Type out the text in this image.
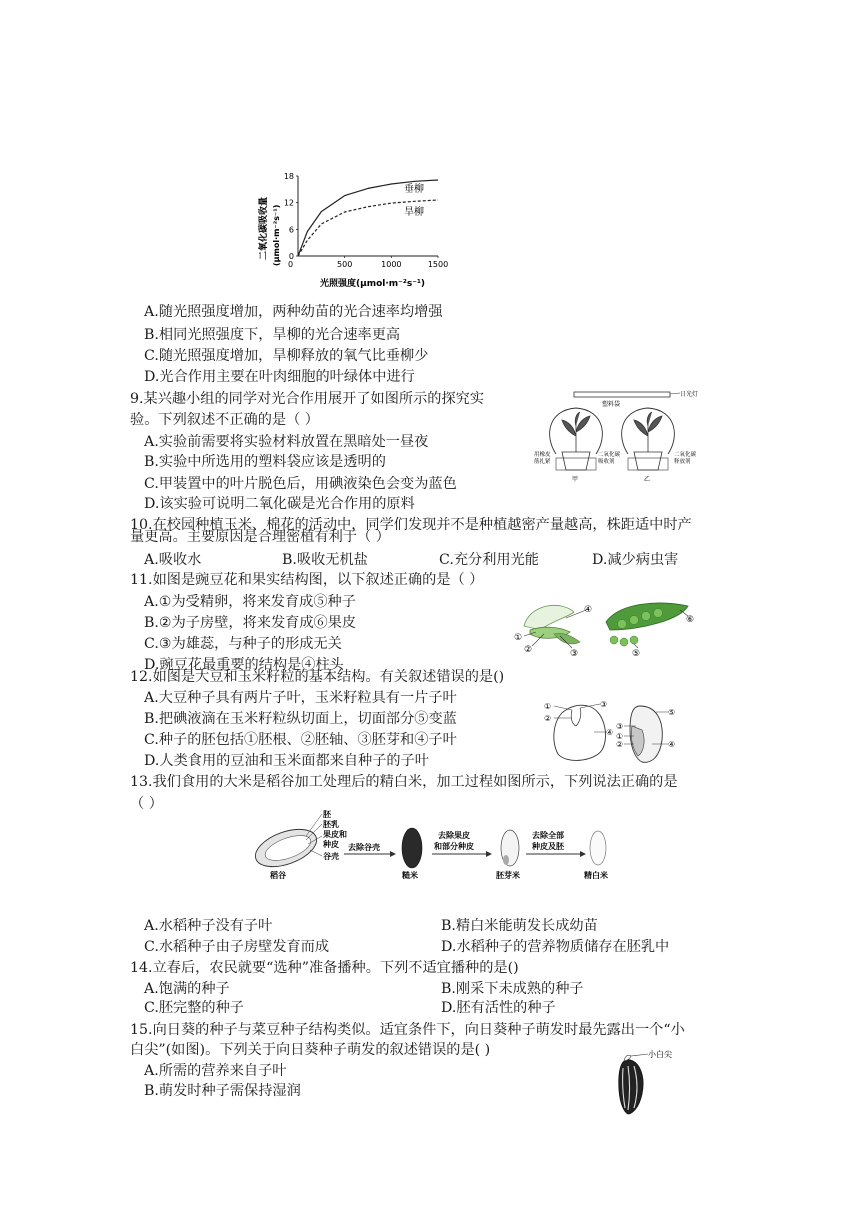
二氧化碳吸收量 (μmol·m⁻²s⁻¹)
18
12
6
0
500	1000	1500
0
垂柳
旱柳
光照强度(μmol·m⁻²s⁻¹)
A.随光照强度增加，两种幼苗的光合速率均增强
B.相同光照强度下，旱柳的光合速率更高
C.随光照强度增加，旱柳释放的氧气比垂柳少
D.光合作用主要在叶肉细胞的叶绿体中进行
9.某兴趣小组的同学对光合作用展开了如图所示的探究实
验。下列叙述不正确的是（ ）
A.实验前需要将实验材料放置在黑暗处一昼夜
B.实验中所选用的塑料袋应该是透明的
C.甲装置中的叶片脱色后，用碘液染色会变为蓝色
D.该实验可说明二氧化碳是光合作用的原料
日光灯
塑料袋
用橡皮
筋扎紧
二氧化碳
吸收剂
二氧化碳
释放剂
甲	乙
10.在校园种植玉米、棉花的活动中，同学们发现并不是种植越密产量越高，株距适中时产
量更高。主要原因是合理密植有利于（ ）
A.吸收水	B.吸收无机盐	C.充分利用光能	D.减少病虫害
11.如图是豌豆花和果实结构图，以下叙述正确的是（ ）
A.①为受精卵，将来发育成⑤种子
B.②为子房壁，将来发育成⑥果皮
C.③为雄蕊，与种子的形成无关
D.豌豆花最重要的结构是④柱头
④
①
②	③
⑥
⑤
12.如图是大豆和玉米籽粒的基本结构。有关叙述错误的是()
A.大豆种子具有两片子叶，玉米籽粒具有一片子叶
B.把碘液滴在玉米籽粒纵切面上，切面部分⑤变蓝
C.种子的胚包括①胚根、②胚轴、③胚芽和④子叶
D.人类食用的豆油和玉米面都来自种子的子叶
①
②
③
④
③
①
②
⑤
④
13.我们食用的大米是稻谷加工处理后的精白米，加工过程如图所示，下列说法正确的是
（ ）
胚
胚乳
果皮和
种皮
谷壳
稻谷
去除谷壳
糙米
去除果皮
和部分种皮
胚芽米
去除全部
种皮及胚
精白米
A.水稻种子没有子叶	B.精白米能萌发长成幼苗
C.水稻种子由子房壁发育而成	D.水稻种子的营养物质储存在胚乳中
14.立春后，农民就要“选种”准备播种。下列不适宜播种的是()
A.饱满的种子	B.刚采下未成熟的种子
C.胚完整的种子	D.胚有活性的种子
15.向日葵的种子与菜豆种子结构类似。适宜条件下，向日葵种子萌发时最先露出一个“小
白尖”(如图)。下列关于向日葵种子萌发的叙述错误的是( )
A.所需的营养来自子叶
B.萌发时种子需保持湿润
小白尖
